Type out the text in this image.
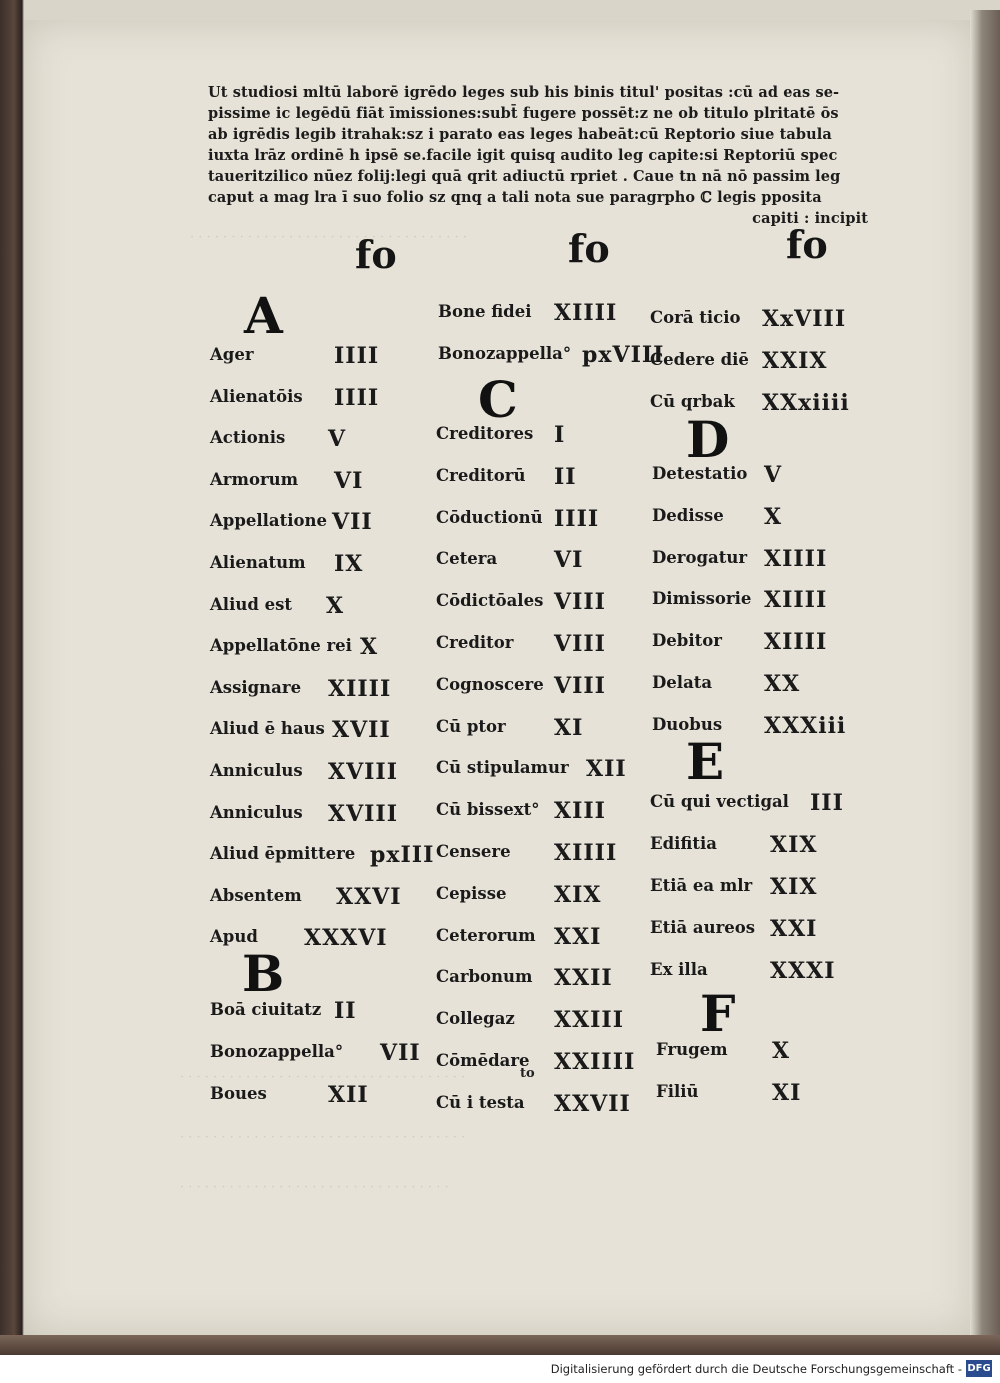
· · · · · · · · · · · · · · · · · · · · · · · · · · · · · · · · · ·
· · · · · · · · · · · · · · · · · · · · · · · · · · · · · · · · · · ·
· · · · · · · · · · · · · · · · · · · · · · · · · · · · · · · · · · ·
· · · · · · · · · · · · · · · · · · · · · · · · · · · · · · · · ·
Ut studiosi mltū laborē igrēdo leges sub his binis titul' positas :cū ad eas se-
pissime ic legēdū fiāt īmissiones:subt̄ fugere possēt:z ne ob titulo plritatē ōs
ab igrēdis legib itrahak:sz i parato eas leges habeāt:cū Reptorio siue tabula
iuxta lrāz ordinē h ipsē se.facile igit quisq audito leg capite:si Reptoriū spec
taueritzilico nūez folij:legi quā qrit adiuctū rpriet . Caue tn nā nō passim leg
caput a mag lra ī suo folio sz qnq a tali nota sue paragrpho ℂ legis pposita
capiti : incipit
fo	fo	fo
A
Ager	IIII
Alienatōis IIII
Actionis V
Armorum VI
Appellatione VII
Alienatum IX
Aliud est X
Appellatōne rei X
Assignare XIIII
Aliud ē haus XVII
Anniculus XVIII
Anniculus XVIII
Aliud ēpmittere pxIII
Absentem XXVI
Apud XXXVI
B
Boā ciuitatz II
Bonozappella° VII
Boues	XII
Bone fidei XIIII
Bonozappella° pxVIII
C
Creditores I
Creditorū II
Cōductionū IIII
Cetera	VI
Cōdictōales VIII
Creditor VIII
Cognoscere VIII
Cū ptor XI
Cū stipulamur XII
Cū bissext° XIII
Censere XIIII
Cepisse XIX
Ceterorum XXI
Carbonum XXII
Collegaz XXIII
Cōmēdare XXIIII
Cū i testa XXVII
to
Corā ticio XxVIII
Cedere diē XXIX
Cū qrbak XXxiiii
D
Detestatio V
Dedisse X
Derogatur XIIII
Dimissorie XIIII
Debitor XIIII
Delata XX
Duobus XXXiii
E
Cū qui vectigal III
Edifitia XIX
Etiā ea mlr XIX
Etiā aureos XXI
Ex illa	XXXI
F
Frugem X
Filiū	XI
Digitalisierung gefördert durch die Deutsche Forschungsgemeinschaft - DFG
